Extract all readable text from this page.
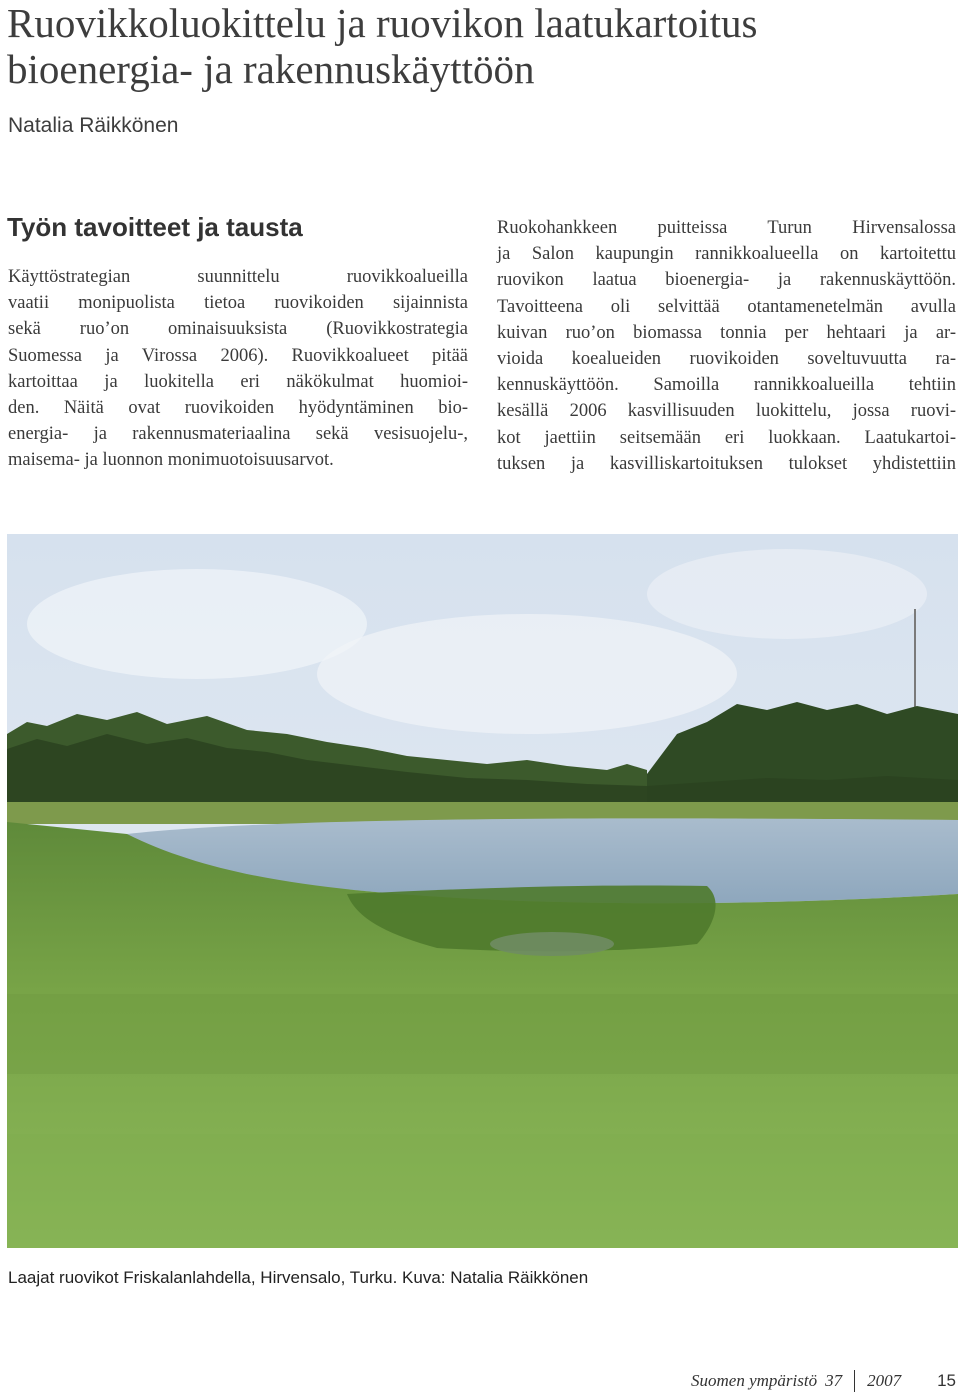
Ruovikkoluokittelu ja ruovikon laatukartoitus
bioenergia- ja rakennuskäyttöön
Natalia Räikkönen
Työn tavoitteet ja tausta
Käyttöstrategian suunnittelu ruovikkoalueilla
vaatii monipuolista tietoa ruovikoiden sijainnista
sekä ruo’on ominaisuuksista (Ruovikkostrategia
Suomessa ja Virossa 2006). Ruovikkoalueet pitää
kartoittaa ja luokitella eri näkökulmat huomioi-
den. Näitä ovat ruovikoiden hyödyntäminen bio-
energia- ja rakennusmateriaalina sekä vesisuojelu-,
maisema- ja luonnon monimuotoisuusarvot.
Ruokohankkeen puitteissa Turun Hirvensalossa
ja Salon kaupungin rannikkoalueella on kartoitettu
ruovikon laatua bioenergia- ja rakennuskäyttöön.
Tavoitteena oli selvittää otantamenetelmän avulla
kuivan ruo’on biomassa tonnia per hehtaari ja ar-
vioida koealueiden ruovikoiden soveltuvuutta ra-
kennuskäyttöön. Samoilla rannikkoalueilla tehtiin
kesällä 2006 kasvillisuuden luokittelu, jossa ruovi-
kot jaettiin seitsemään eri luokkaan. Laatukartoi-
tuksen ja kasvilliskartoituksen tulokset yhdistettiin
Laajat ruovikot Friskalanlahdella, Hirvensalo, Turku. Kuva: Natalia Räikkönen
Suomen ympäristö 37 2007 15
